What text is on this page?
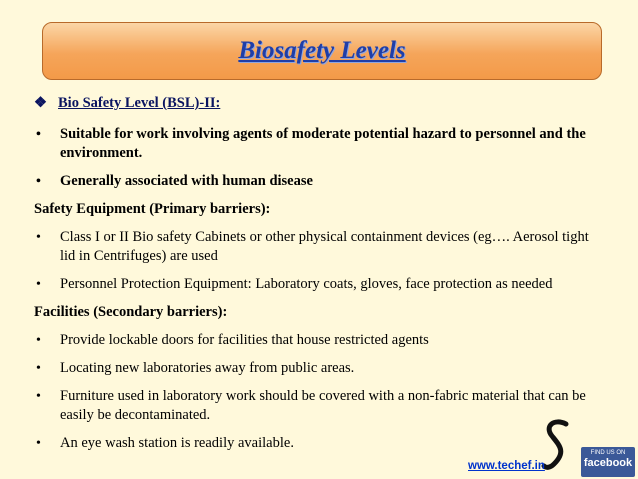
Biosafety Levels
❖ Bio Safety Level (BSL)-II:
• Suitable for work involving agents of moderate potential hazard to personnel and the environment.
• Generally associated with human disease
Safety Equipment (Primary barriers):
• Class I or II Bio safety Cabinets or other physical containment devices (eg…. Aerosol tight lid in Centrifuges) are used
• Personnel Protection Equipment: Laboratory coats, gloves, face protection as needed
Facilities (Secondary barriers):
• Provide lockable doors for facilities that house restricted agents
• Locating new laboratories away from public areas.
• Furniture used in laboratory work should be covered with a non-fabric material that can be easily be decontaminated.
• An eye wash station is readily available.
www.techef.in
FIND US ON
facebook
